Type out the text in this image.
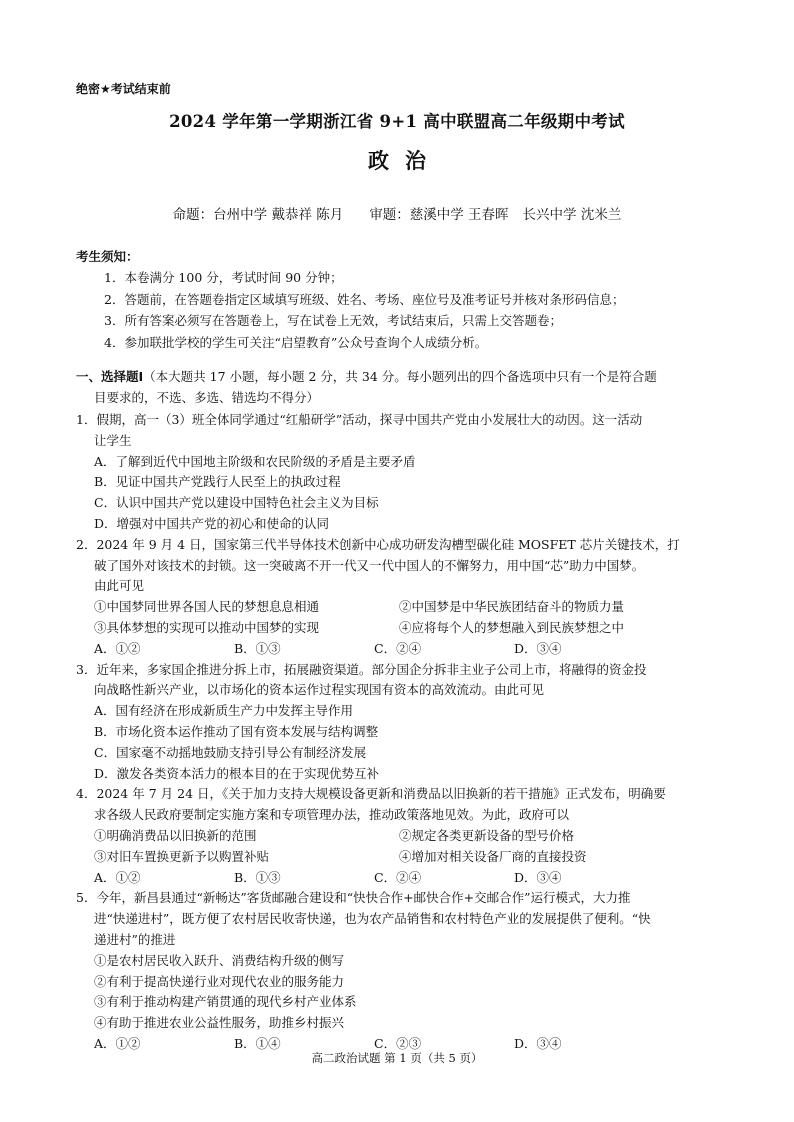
绝密★考试结束前
2024 学年第一学期浙江省 9+1 高中联盟高二年级期中考试
政治
命题：台州中学 戴恭祥 陈月 审题：慈溪中学 王春晖 长兴中学 沈米兰
考生须知：
1．本卷满分 100 分，考试时间 90 分钟；
2．答题前，在答题卷指定区域填写班级、姓名、考场、座位号及准考证号并核对条形码信息；
3．所有答案必须写在答题卷上，写在试卷上无效，考试结束后，只需上交答题卷；
4．参加联批学校的学生可关注“启望教育”公众号查询个人成绩分析。
一、选择题Ⅰ（本大题共 17 小题，每小题 2 分，共 34 分。每小题列出的四个备选项中只有一个是符合题
目要求的，不选、多选、错选均不得分）
1．假期，高一（3）班全体同学通过“红船研学”活动，探寻中国共产党由小发展壮大的动因。这一活动
让学生
A．了解到近代中国地主阶级和农民阶级的矛盾是主要矛盾
B．见证中国共产党践行人民至上的执政过程
C．认识中国共产党以建设中国特色社会主义为目标
D．增强对中国共产党的初心和使命的认同
2．2024 年 9 月 4 日，国家第三代半导体技术创新中心成功研发沟槽型碳化硅 MOSFET 芯片关键技术，打
破了国外对该技术的封锁。这一突破离不开一代又一代中国人的不懈努力，用中国“芯”助力中国梦。
由此可见
①中国梦同世界各国人民的梦想息息相通	②中国梦是中华民族团结奋斗的物质力量
③具体梦想的实现可以推动中国梦的实现	④应将每个人的梦想融入到民族梦想之中
A．①②	B．①③	C．②④	D．③④
3．近年来，多家国企推进分拆上市，拓展融资渠道。部分国企分拆非主业子公司上市，将融得的资金投
向战略性新兴产业，以市场化的资本运作过程实现国有资本的高效流动。由此可见
A．国有经济在形成新质生产力中发挥主导作用
B．市场化资本运作推动了国有资本发展与结构调整
C．国家毫不动摇地鼓励支持引导公有制经济发展
D．激发各类资本活力的根本目的在于实现优势互补
4．2024 年 7 月 24 日，《关于加力支持大规模设备更新和消费品以旧换新的若干措施》正式发布，明确要
求各级人民政府要制定实施方案和专项管理办法，推动政策落地见效。为此，政府可以
①明确消费品以旧换新的范围	②规定各类更新设备的型号价格
③对旧车置换更新予以购置补贴	④增加对相关设备厂商的直接投资
A．①②	B．①③	C．②④	D．③④
5．今年，新昌县通过“新畅达”客货邮融合建设和“快快合作+邮快合作+交邮合作”运行模式，大力推
进“快递进村”，既方便了农村居民收寄快递，也为农产品销售和农村特色产业的发展提供了便利。“快
递进村”的推进
①是农村居民收入跃升、消费结构升级的侧写
②有利于提高快递行业对现代农业的服务能力
③有利于推动构建产销贯通的现代乡村产业体系
④有助于推进农业公益性服务，助推乡村振兴
A．①②	B．①④	C．②③	D．③④
高二政治试题 第 1 页（共 5 页）
